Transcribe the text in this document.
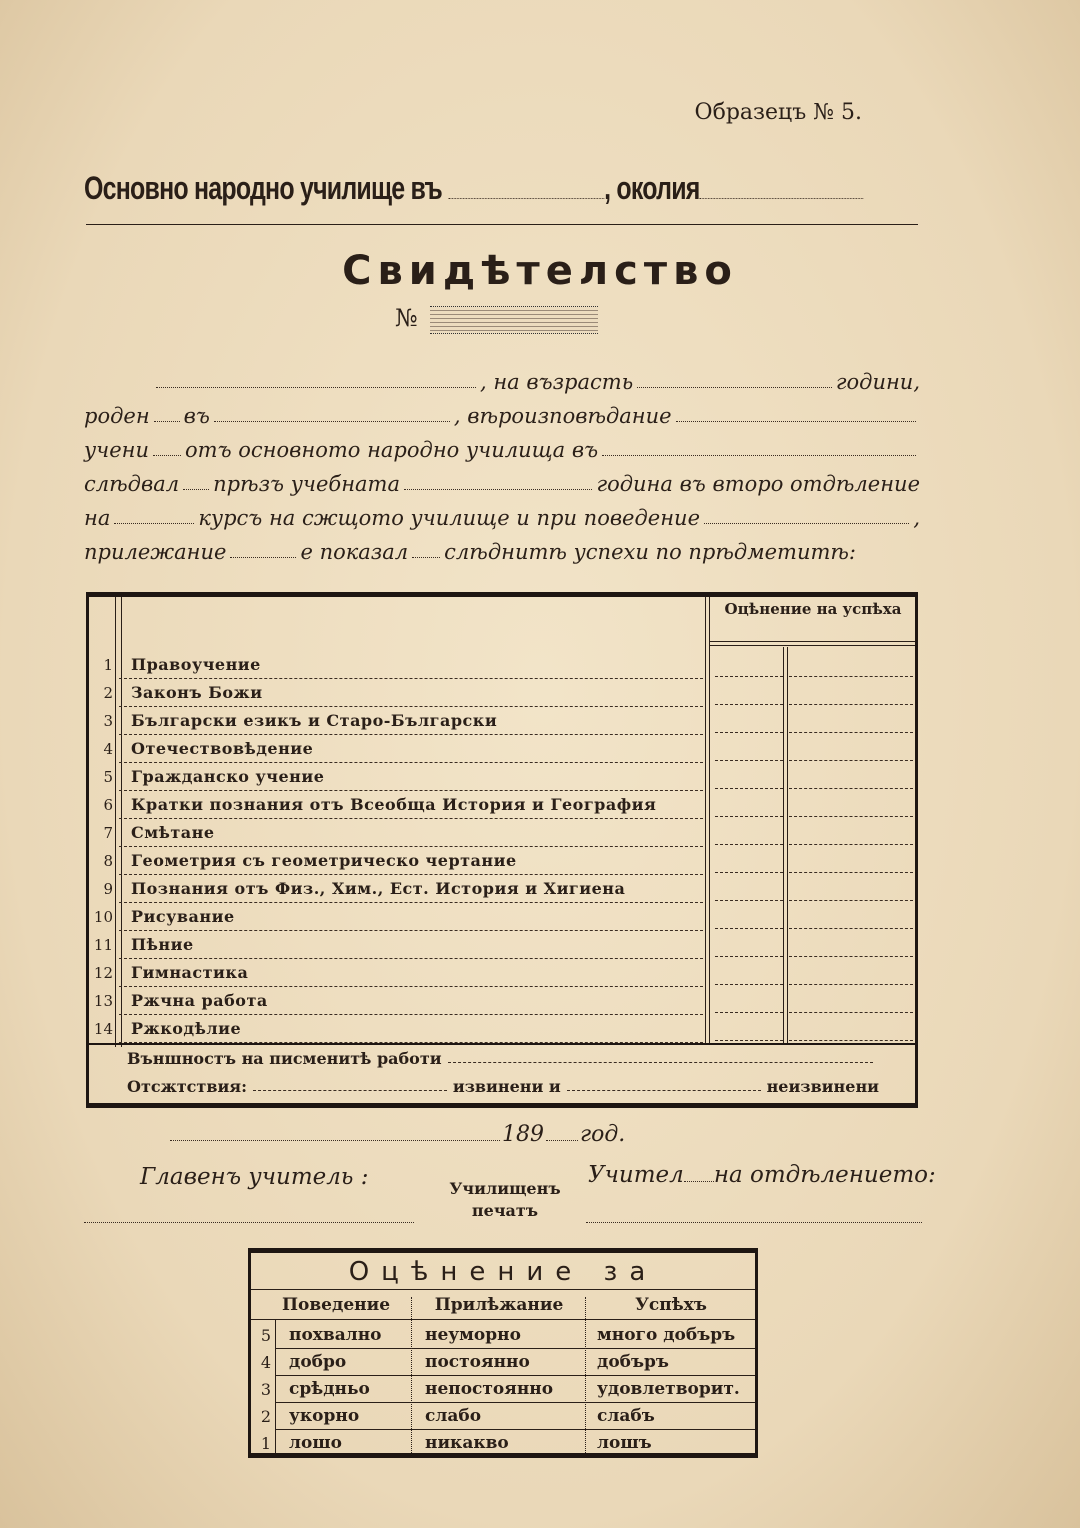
Образецъ № 5.
Основно народно училище въ	, околия
Свидѣтелство
№
, на възрасть	години,
роден въ	, вѣроизповѣдание
учени отъ основното народно училища въ
слѣдвал прѣзъ учебната	година въ второ отдѣление
на	курсъ на сжщото училище и при поведение	,
прилежание	е показал слѣднитѣ успехи по прѣдметитѣ:
Оцѣнение на успѣха
1 Правоучение
2 Законъ Божи
3 Български езикъ и Старо-Български
4 Отечествовѣдение
5 Гражданско учение
6 Кратки познания отъ Всеобща История и География
7 Смѣтане
8 Геометрия съ геометрическо чертание
9 Познания отъ Физ., Хим., Ест. История и Хигиена
10 Рисувание
11 Пѣние
12 Гимнастика
13 Ржчна работа
14 Ржкодѣлие
Външностъ на писменитѣ работи
Отсжтствия:	извинени и	неизвинени
189 год.
Главенъ учитель :	Училищенъ печатъ
Учител на отдѣлението:
Оцѣнение за
Поведение	Прилѣжание	Успѣхъ
5 похвално	неуморно	много добъръ
4 добро	постоянно	добъръ
3 срѣдньо	непостоянно	удовлетворит.
2 укорно	слабо	слабъ
1 лошо	никакво	лошъ
